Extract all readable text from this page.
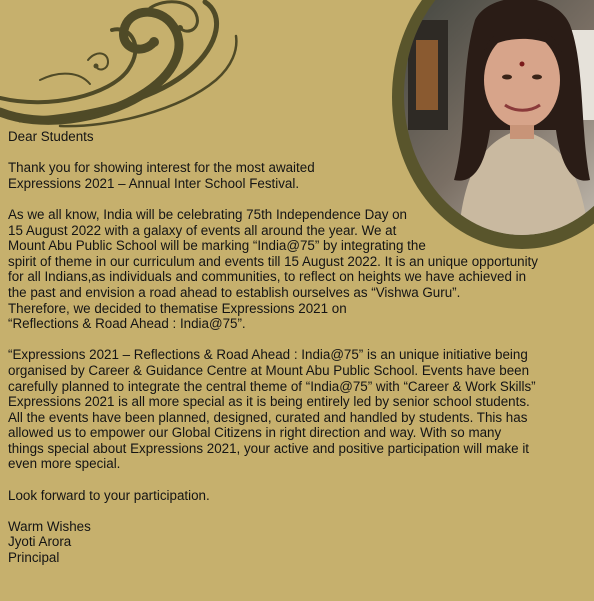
Dear Students

Thank you for showing interest for the most awaited
Expressions 2021 – Annual Inter School Festival.

As we all know, India will be celebrating 75th Independence Day on
15 August 2022 with a galaxy of events all around the year. We at
Mount Abu Public School will be marking “India@75” by integrating the
spirit of theme in our curriculum and events till 15 August 2022. It is an unique opportunity
for all Indians,as individuals and communities, to reflect on heights we have achieved in
the past and envision a road ahead to establish ourselves as “Vishwa Guru”.
Therefore, we decided to thematise Expressions 2021 on
“Reflections & Road Ahead : India@75”.

“Expressions 2021 – Reflections & Road Ahead : India@75” is an unique initiative being
organised by Career & Guidance Centre at Mount Abu Public School. Events have been
carefully planned to integrate the central theme of “India@75” with “Career & Work Skills”
Expressions 2021 is all more special as it is being entirely led by senior school students.
All the events have been planned, designed, curated and handled by students. This has
allowed us to empower our Global Citizens in right direction and way. With so many
things special about Expressions 2021, your active and positive participation will make it
even more special.

Look forward to your participation.

Warm Wishes
Jyoti Arora
Principal
